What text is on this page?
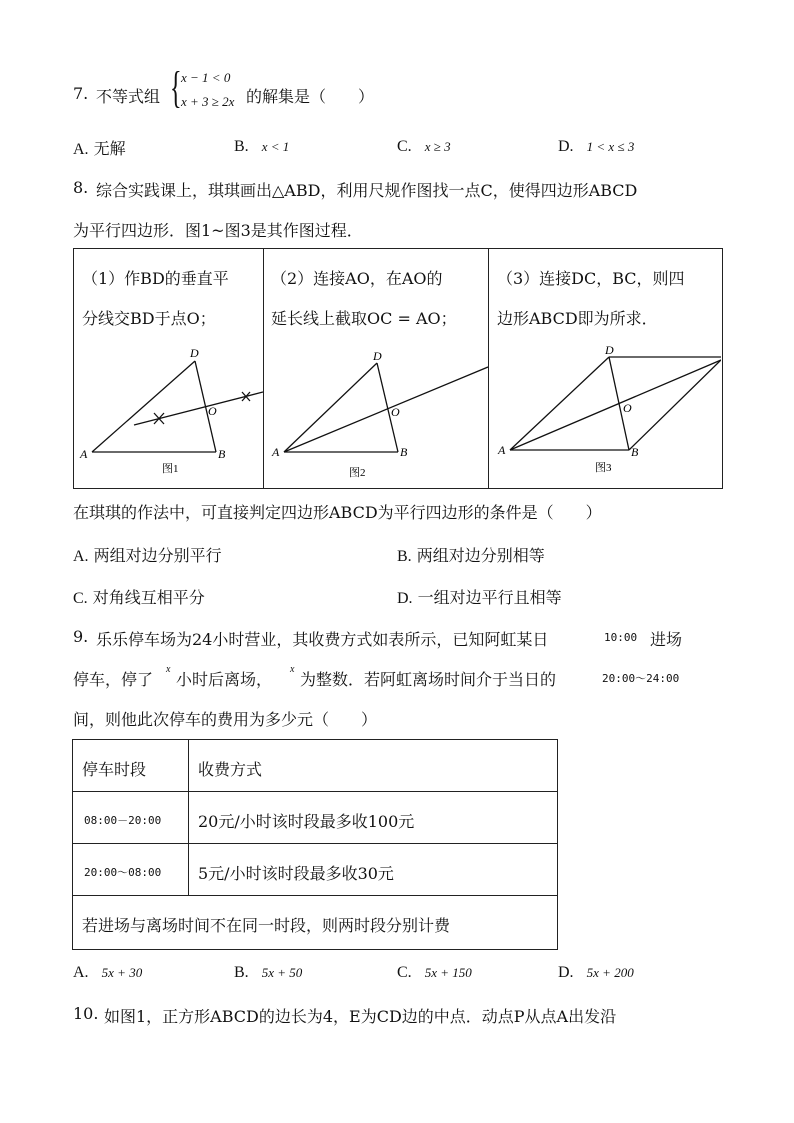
7. 不等式组 { x − 1 < 0
x + 3 ≥ 2x 的解集是（　　）
A. 无解	B. x < 1	C. x ≥ 3	D. 1 < x ≤ 3
8. 综合实践课上，琪琪画出△ABD，利用尺规作图找一点C，使得四边形ABCD
为平行四边形．图1~图3是其作图过程．
（1）作BD的垂直平
分线交BD于点O；
（2）连接AO，在AO的
延长线上截取OC = AO；
（3）连接DC，BC，则四
边形ABCD即为所求．
A	B
D
O
图1
A	B
D
O
图2
A	B
D
O
图3
在琪琪的作法中，可直接判定四边形ABCD为平行四边形的条件是（　　）
A. 两组对边分别平行	B. 两组对边分别相等
C. 对角线互相平分	D. 一组对边平行且相等
9. 乐乐停车场为24小时营业，其收费方式如表所示，已知阿虹某日	10:00 进场
停车，停了
x
小时后离场，
x
为整数．若阿虹离场时间介于当日的	20:00～24:00
间，则他此次停车的费用为多少元（　　）
停车时段	收费方式
08:00－20:00 20元/小时该时段最多收100元
20:00～08:00 5元/小时该时段最多收30元
若进场与离场时间不在同一时段，则两时段分别计费
A. 5x + 30	B. 5x + 50	C. 5x + 150	D. 5x + 200
10. 如图1，正方形ABCD的边长为4，E为CD边的中点．动点P从点A出发沿
